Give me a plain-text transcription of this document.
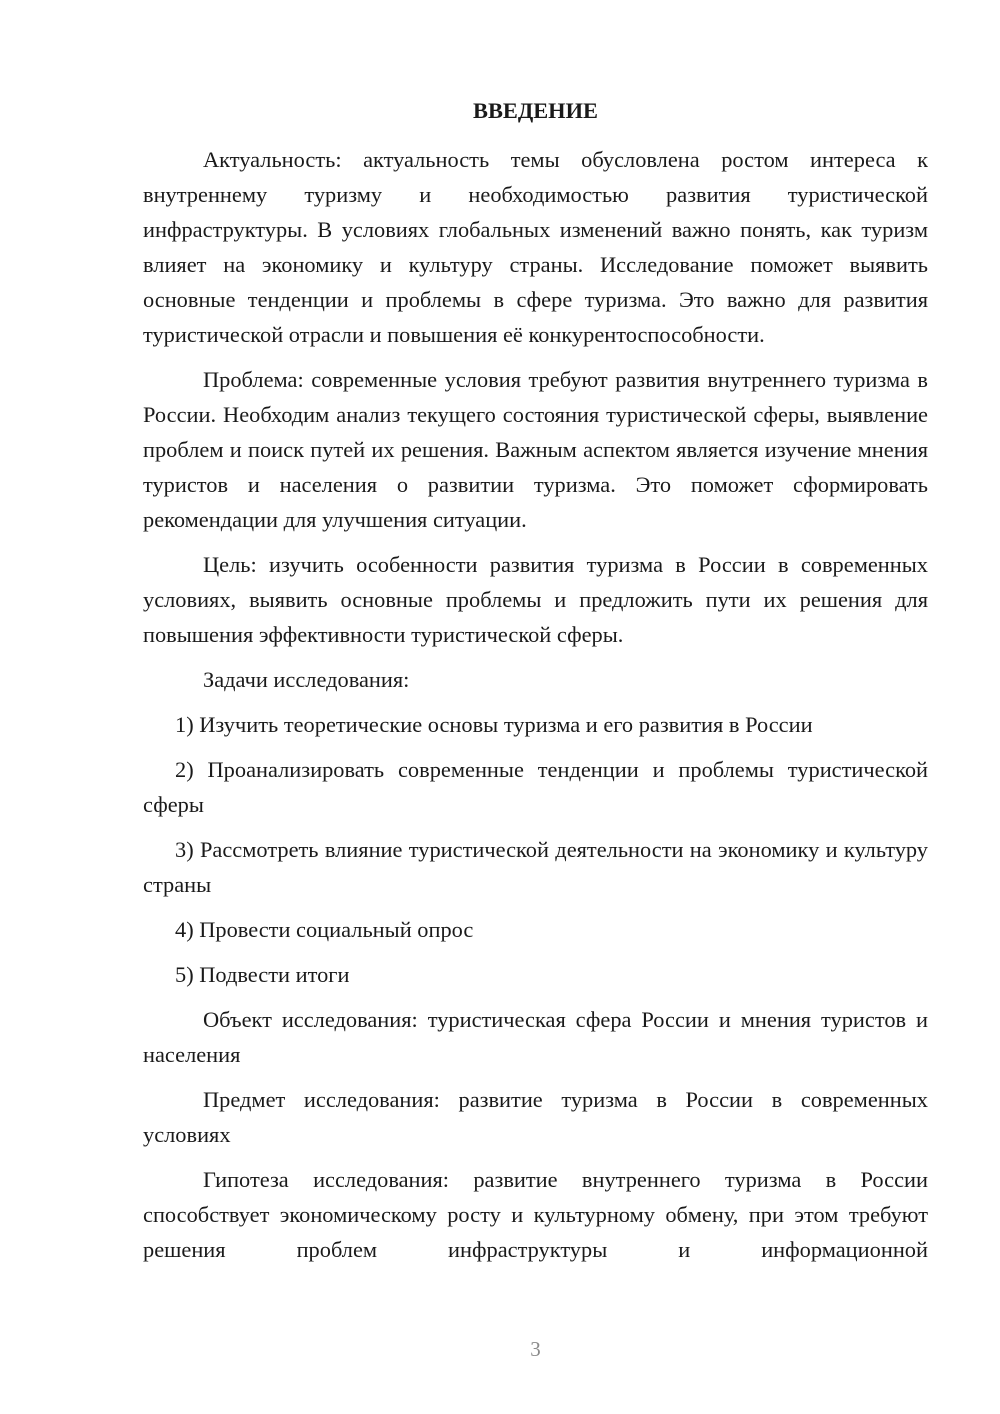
ВВЕДЕНИЕ

Актуальность: актуальность темы обусловлена ростом интереса к внутреннему туризму и необходимостью развития туристической инфраструктуры. В условиях глобальных изменений важно понять, как туризм влияет на экономику и культуру страны. Исследование поможет выявить основные тенденции и проблемы в сфере туризма. Это важно для развития туристической отрасли и повышения её конкурентоспособности.

Проблема: современные условия требуют развития внутреннего туризма в России. Необходим анализ текущего состояния туристической сферы, выявление проблем и поиск путей их решения. Важным аспектом является изучение мнения туристов и населения о развитии туризма. Это поможет сформировать рекомендации для улучшения ситуации.

Цель: изучить особенности развития туризма в России в современных условиях, выявить основные проблемы и предложить пути их решения для повышения эффективности туристической сферы.

Задачи исследования:

1) Изучить теоретические основы туризма и его развития в России

2) Проанализировать современные тенденции и проблемы туристической сферы

3) Рассмотреть влияние туристической деятельности на экономику и культуру страны

4) Провести социальный опрос

5) Подвести итоги

Объект исследования: туристическая сфера России и мнения туристов и населения

Предмет исследования: развитие туризма в России в современных условиях

Гипотеза исследования: развитие внутреннего туризма в России способствует экономическому росту и культурному обмену, при этом требуют решения проблем инфраструктуры и информационной

3
